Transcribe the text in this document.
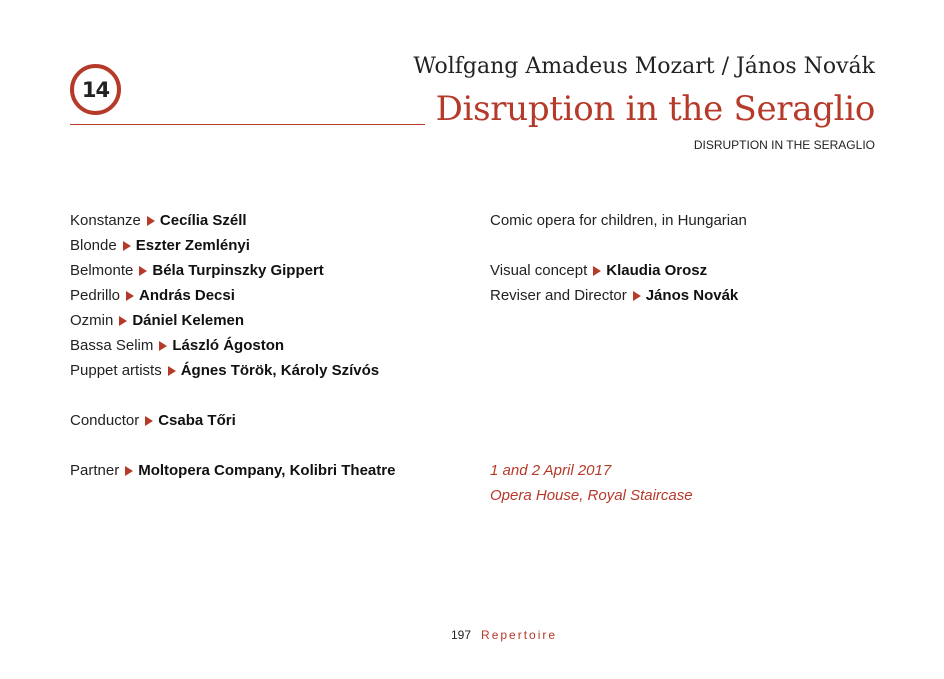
14
Wolfgang Amadeus Mozart / János Novák
Disruption in the Seraglio
DISRUPTION IN THE SERAGLIO
Konstanze Cecília Széll
Blonde Eszter Zemlényi
Belmonte Béla Turpinszky Gippert
Pedrillo András Decsi
Ozmin Dániel Kelemen
Bassa Selim László Ágoston
Puppet artists Ágnes Török, Károly Szívós
Conductor Csaba Tőri
Partner Moltopera Company, Kolibri Theatre
Comic opera for children, in Hungarian
Visual concept Klaudia Orosz
Reviser and Director János Novák
1 and 2 April 2017
Opera House, Royal Staircase
197 Repertoire
